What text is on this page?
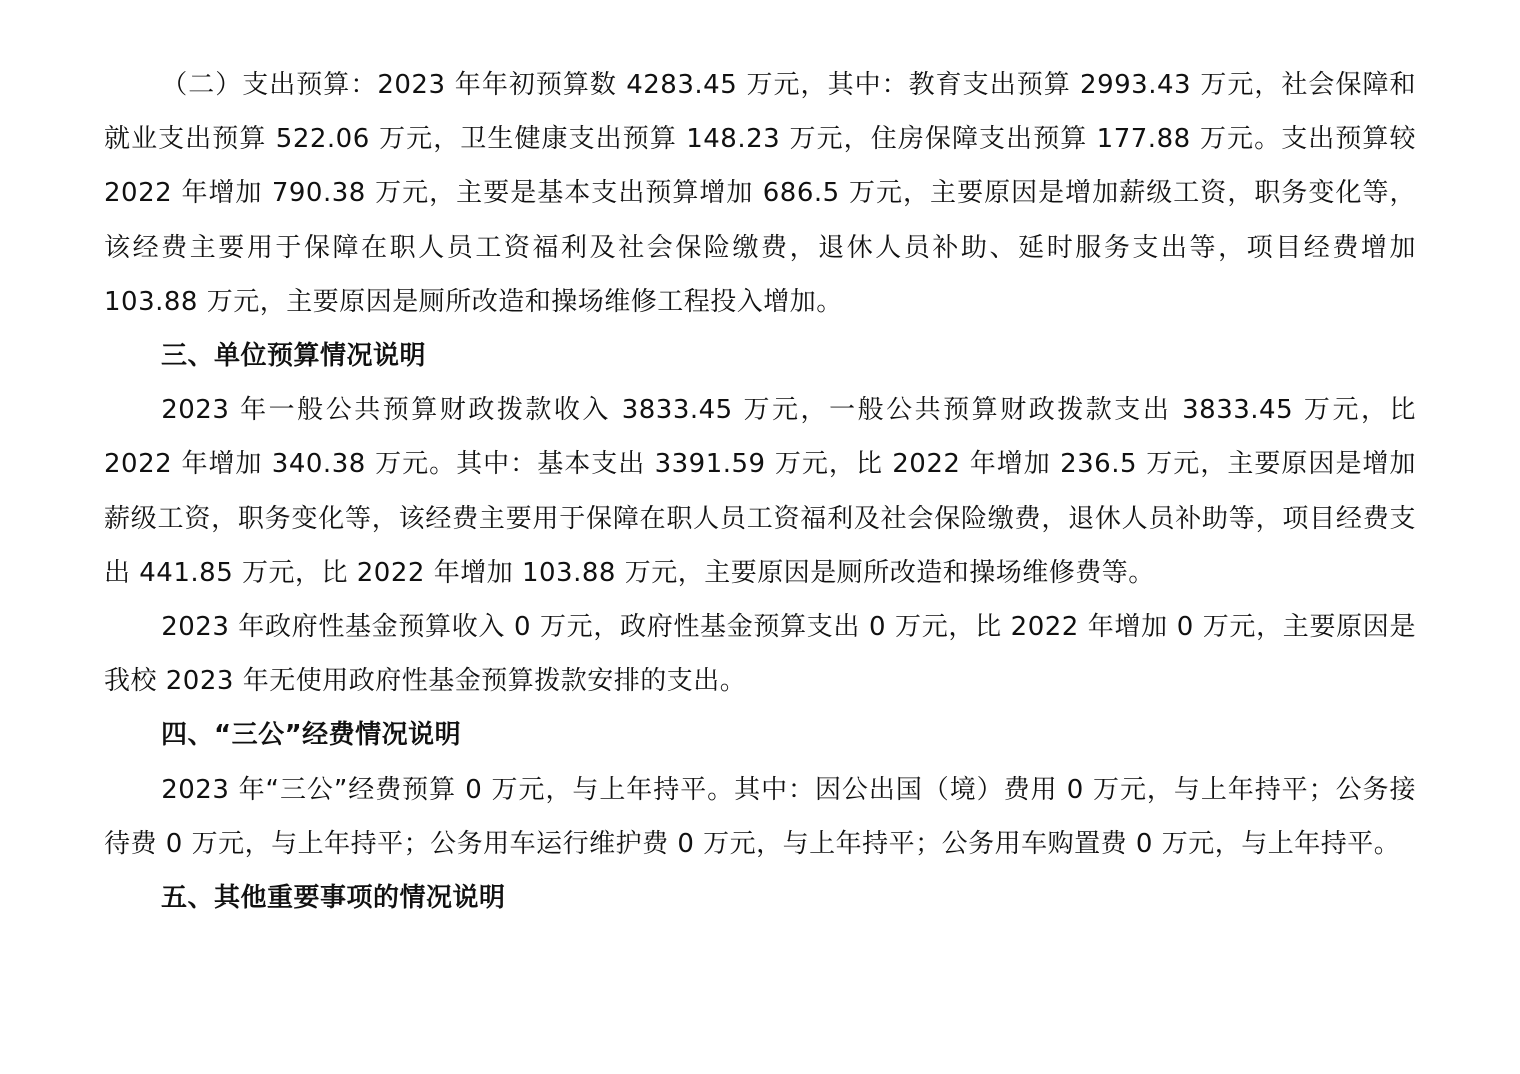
（二）支出预算：2023 年年初预算数 4283.45 万元，其中：教育支出预算 2993.43 万元，社会保障和就业支出预算 522.06 万元，卫生健康支出预算 148.23 万元，住房保障支出预算 177.88 万元。支出预算较 2022 年增加 790.38 万元，主要是基本支出预算增加 686.5 万元，主要原因是增加薪级工资，职务变化等，该经费主要用于保障在职人员工资福利及社会保险缴费，退休人员补助、延时服务支出等，项目经费增加 103.88 万元，主要原因是厕所改造和操场维修工程投入增加。

三、单位预算情况说明

2023 年一般公共预算财政拨款收入 3833.45 万元，一般公共预算财政拨款支出 3833.45 万元，比 2022 年增加 340.38 万元。其中：基本支出 3391.59 万元，比 2022 年增加 236.5 万元，主要原因是增加薪级工资，职务变化等，该经费主要用于保障在职人员工资福利及社会保险缴费，退休人员补助等，项目经费支出 441.85 万元，比 2022 年增加 103.88 万元，主要原因是厕所改造和操场维修费等。

2023 年政府性基金预算收入 0 万元，政府性基金预算支出 0 万元，比 2022 年增加 0 万元，主要原因是我校 2023 年无使用政府性基金预算拨款安排的支出。

四、“三公”经费情况说明

2023 年“三公”经费预算 0 万元，与上年持平。其中：因公出国（境）费用 0 万元，与上年持平；公务接待费 0 万元，与上年持平；公务用车运行维护费 0 万元，与上年持平；公务用车购置费 0 万元，与上年持平。

五、其他重要事项的情况说明
